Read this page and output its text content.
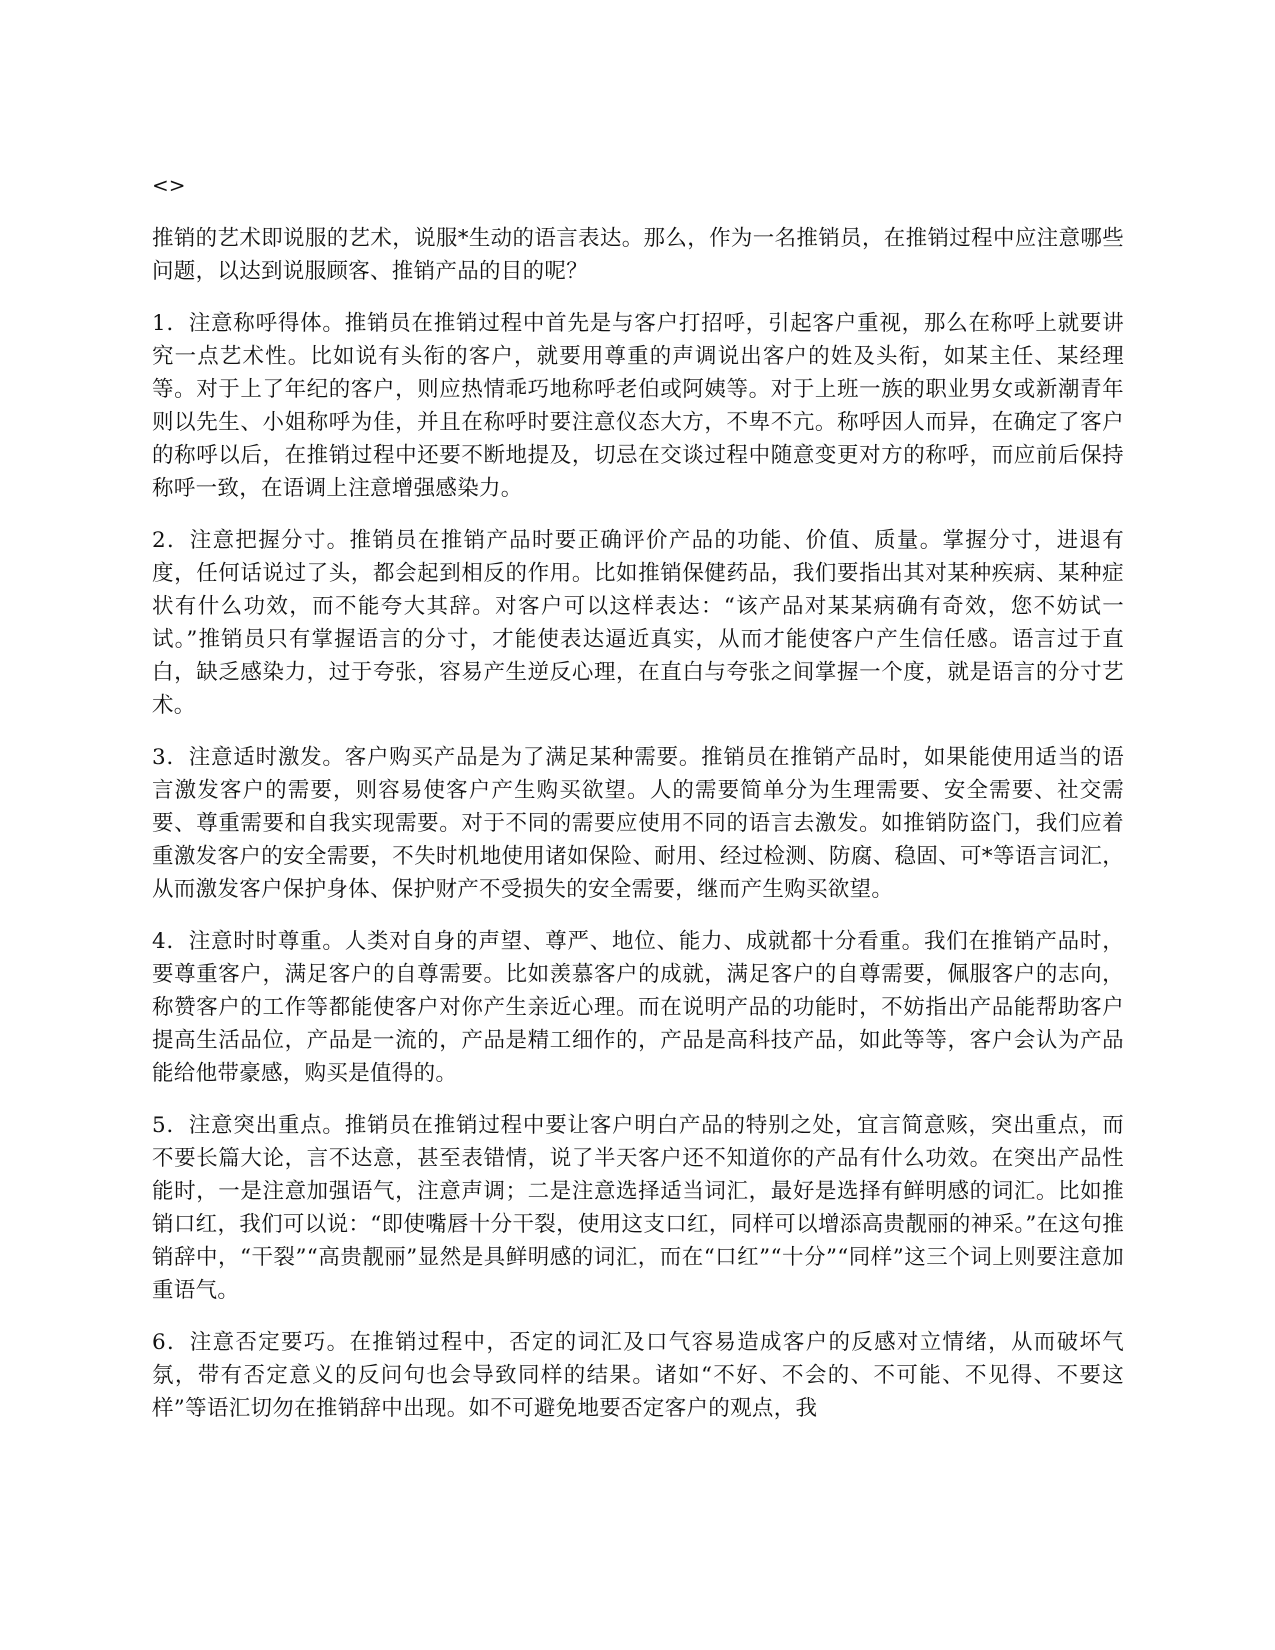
<>

推销的艺术即说服的艺术，说服*生动的语言表达。那么，作为一名推销员，在推销过程中应注意哪些问题，以达到说服顾客、推销产品的目的呢？

1．注意称呼得体。推销员在推销过程中首先是与客户打招呼，引起客户重视，那么在称呼上就要讲究一点艺术性。比如说有头衔的客户，就要用尊重的声调说出客户的姓及头衔，如某主任、某经理等。对于上了年纪的客户，则应热情乖巧地称呼老伯或阿姨等。对于上班一族的职业男女或新潮青年则以先生、小姐称呼为佳，并且在称呼时要注意仪态大方，不卑不亢。称呼因人而异，在确定了客户的称呼以后，在推销过程中还要不断地提及，切忌在交谈过程中随意变更对方的称呼，而应前后保持称呼一致，在语调上注意增强感染力。

2．注意把握分寸。推销员在推销产品时要正确评价产品的功能、价值、质量。掌握分寸，进退有度，任何话说过了头，都会起到相反的作用。比如推销保健药品，我们要指出其对某种疾病、某种症状有什么功效，而不能夸大其辞。对客户可以这样表达：“该产品对某某病确有奇效，您不妨试一试。”推销员只有掌握语言的分寸，才能使表达逼近真实，从而才能使客户产生信任感。语言过于直白，缺乏感染力，过于夸张，容易产生逆反心理，在直白与夸张之间掌握一个度，就是语言的分寸艺术。

3．注意适时激发。客户购买产品是为了满足某种需要。推销员在推销产品时，如果能使用适当的语言激发客户的需要，则容易使客户产生购买欲望。人的需要简单分为生理需要、安全需要、社交需要、尊重需要和自我实现需要。对于不同的需要应使用不同的语言去激发。如推销防盗门，我们应着重激发客户的安全需要，不失时机地使用诸如保险、耐用、经过检测、防腐、稳固、可*等语言词汇，从而激发客户保护身体、保护财产不受损失的安全需要，继而产生购买欲望。

4．注意时时尊重。人类对自身的声望、尊严、地位、能力、成就都十分看重。我们在推销产品时，要尊重客户，满足客户的自尊需要。比如羡慕客户的成就，满足客户的自尊需要，佩服客户的志向，称赞客户的工作等都能使客户对你产生亲近心理。而在说明产品的功能时，不妨指出产品能帮助客户提高生活品位，产品是一流的，产品是精工细作的，产品是高科技产品，如此等等，客户会认为产品能给他带豪感，购买是值得的。

5．注意突出重点。推销员在推销过程中要让客户明白产品的特别之处，宜言简意赅，突出重点，而不要长篇大论，言不达意，甚至表错情，说了半天客户还不知道你的产品有什么功效。在突出产品性能时，一是注意加强语气，注意声调；二是注意选择适当词汇，最好是选择有鲜明感的词汇。比如推销口红，我们可以说：“即使嘴唇十分干裂，使用这支口红，同样可以增添高贵靓丽的神采。”在这句推销辞中，“干裂”“高贵靓丽”显然是具鲜明感的词汇，而在“口红”“十分”“同样”这三个词上则要注意加重语气。

6．注意否定要巧。在推销过程中，否定的词汇及口气容易造成客户的反感对立情绪，从而破坏气氛，带有否定意义的反问句也会导致同样的结果。诸如“不好、不会的、不可能、不见得、不要这样”等语汇切勿在推销辞中出现。如不可避免地要否定客户的观点，我
